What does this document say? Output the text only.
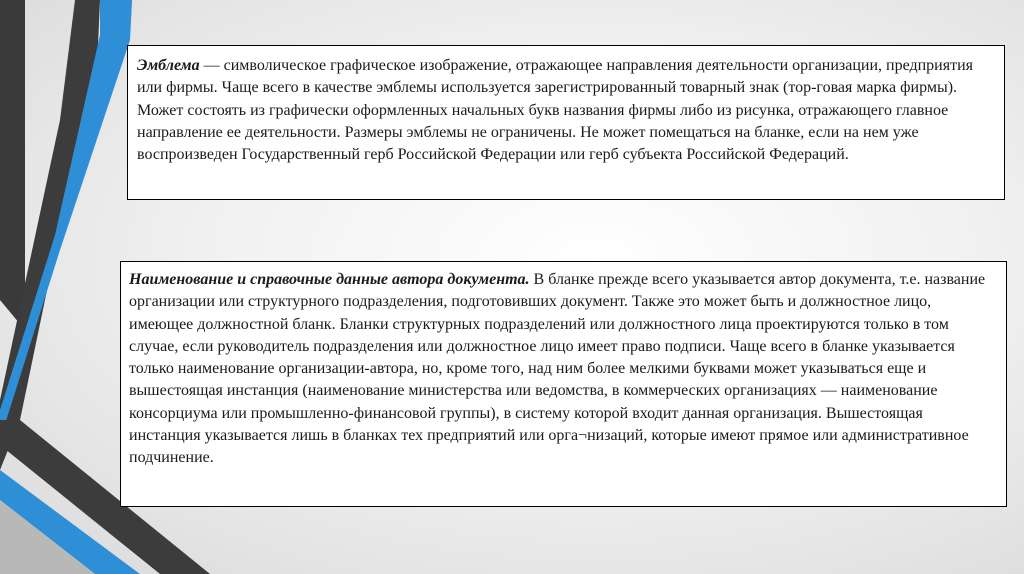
Эмблема — символическое графическое изображение, отражающее направления деятельности организации, предприятия или фирмы. Чаще всего в качестве эмблемы используется зарегистрированный товарный знак (тор-говая марка фирмы). Может состоять из графически оформленных начальных букв названия фирмы либо из рисунка, отражающего главное направление ее деятельности. Размеры эмблемы не ограничены. Не может помещаться на бланке, если на нем уже воспроизведен Государственный герб Российской Федерации или герб субъекта Российской Федераций.
Наименование и справочные данные автора документа. В бланке прежде всего указывается автор документа, т.е. название организации или структурного подразделения, подготовивших документ. Также это может быть и должностное лицо, имеющее должностной бланк. Бланки структурных подразделений или должностного лица проектируются только в том случае, если руководитель подразделения или должностное лицо имеет право подписи. Чаще всего в бланке указывается только наименование организации-автора, но, кроме того, над ним более мелкими буквами может указываться еще и вышестоящая инстанция (наименование министерства или ведомства, в коммерческих организациях — наименование консорциума или промышленно-финансовой группы), в систему которой входит данная организация. Вышестоящая инстанция указывается лишь в бланках тех предприятий или орга¬низаций, которые имеют прямое или административное подчинение.
